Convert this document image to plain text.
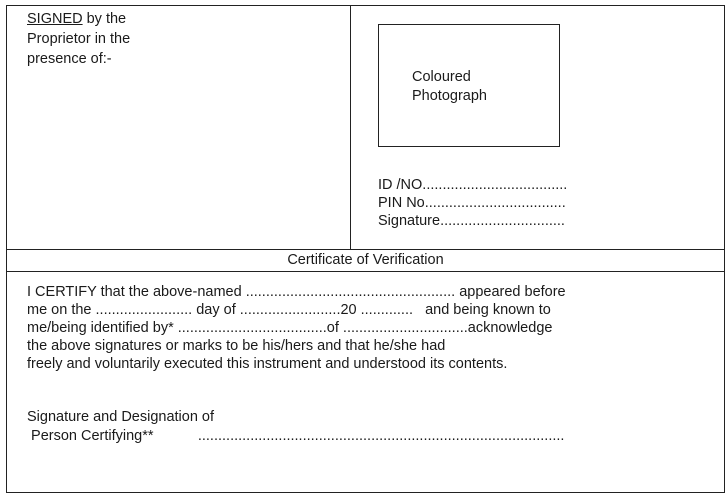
SIGNED by the
Proprietor in the
presence of:-
Coloured
Photograph
ID /NO....................................
PIN No...................................
Signature...............................
Certificate of Verification
I CERTIFY that the above-named .................................................... appeared before
me on the ........................ day of .........................20 .............   and being known to
me/being identified by* .....................................of ...............................acknowledge
the above signatures or marks to be his/hers and that he/she had
freely and voluntarily executed this instrument and understood its contents.
Signature and Designation of
Person Certifying**           ...........................................................................................
